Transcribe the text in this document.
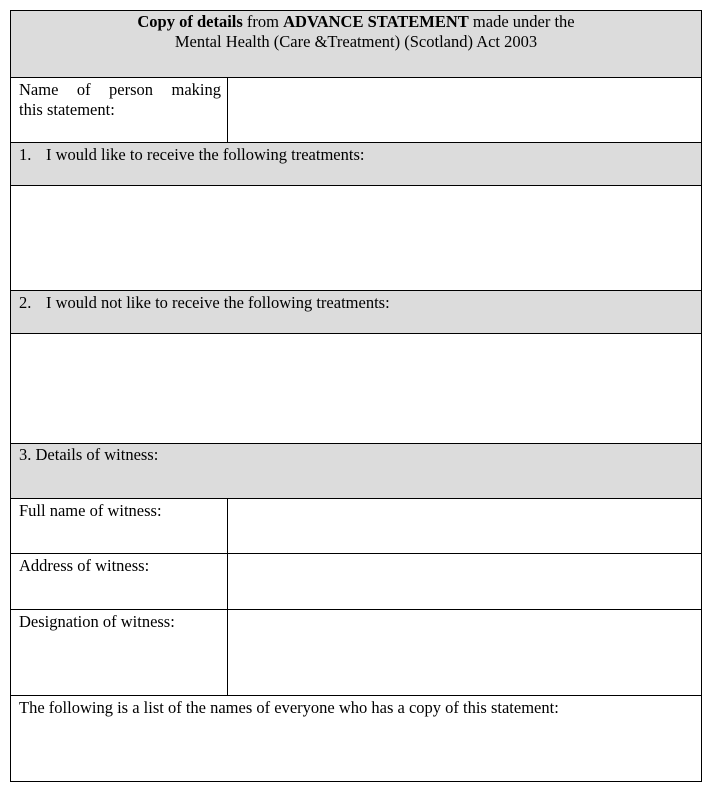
Copy of details from ADVANCE STATEMENT made under the
Mental Health (Care &Treatment) (Scotland) Act 2003
Name of person making
this statement:
1. I would like to receive the following treatments:
2. I would not like to receive the following treatments:
3. Details of witness:
Full name of witness:
Address of witness:
Designation of witness:
The following is a list of the names of everyone who has a copy of this statement:
